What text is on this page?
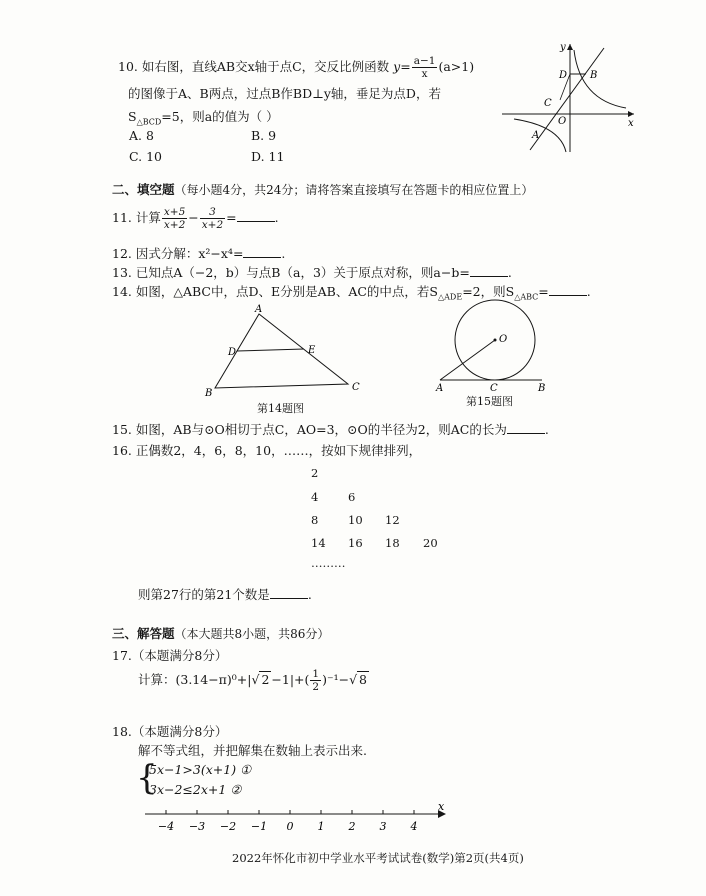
10. 如右图，直线AB交x轴于点C，交反比例函数 $y= \frac{a-1}{x} (a>1)$
的图像于A、B两点，过点B作BD⊥y轴，垂足为点D，若
$S_{\triangle BCD}=5$，则a的值为（ ）
A. 8	B. 9
C. 10	D. 11
y
x
O
D B
C
A
二、填空题（每小题4分，共24分；请将答案直接填写在答题卡的相应位置上）
11. 计算 $\frac{x+5}{x+2} - \frac{3}{x+2}$ =	.
12. 因式分解：x²−x⁴=	.
13. 已知点A（−2，b）与点B（a，3）关于原点对称，则a−b=	.
14. 如图，△ABC中，点D、E分别是AB、AC的中点，若$S_{\triangle ADE}=2$，则$S_{\triangle ABC}=$	.
A
D	E
B
C
第14题图
O
A	C	B
第15题图
15. 如图，AB与⊙O相切于点C，AO=3，⊙O的半径为2，则AC的长为	.
16. 正偶数2，4，6，8，10，……，按如下规律排列，
2
4	6
8	10 12
14 16 18 20
………
则第27行的第21个数是	.
三、解答题（本大题共8小题，共86分）
17.（本题满分8分）
计算：(3.14−π)⁰+|√ $2 -1|+( \frac{1}{2} )^{-1}-√$ 8
18.（本题满分8分）
解不等式组，并把解集在数轴上表示出来.
{
5x−1>3(x+1) ①
3x−2≤2x+1 ②
x
−4 −3 −2 −1 0 1 2 3 4
2022年怀化市初中学业水平考试试卷(数学)第2页(共4页)
